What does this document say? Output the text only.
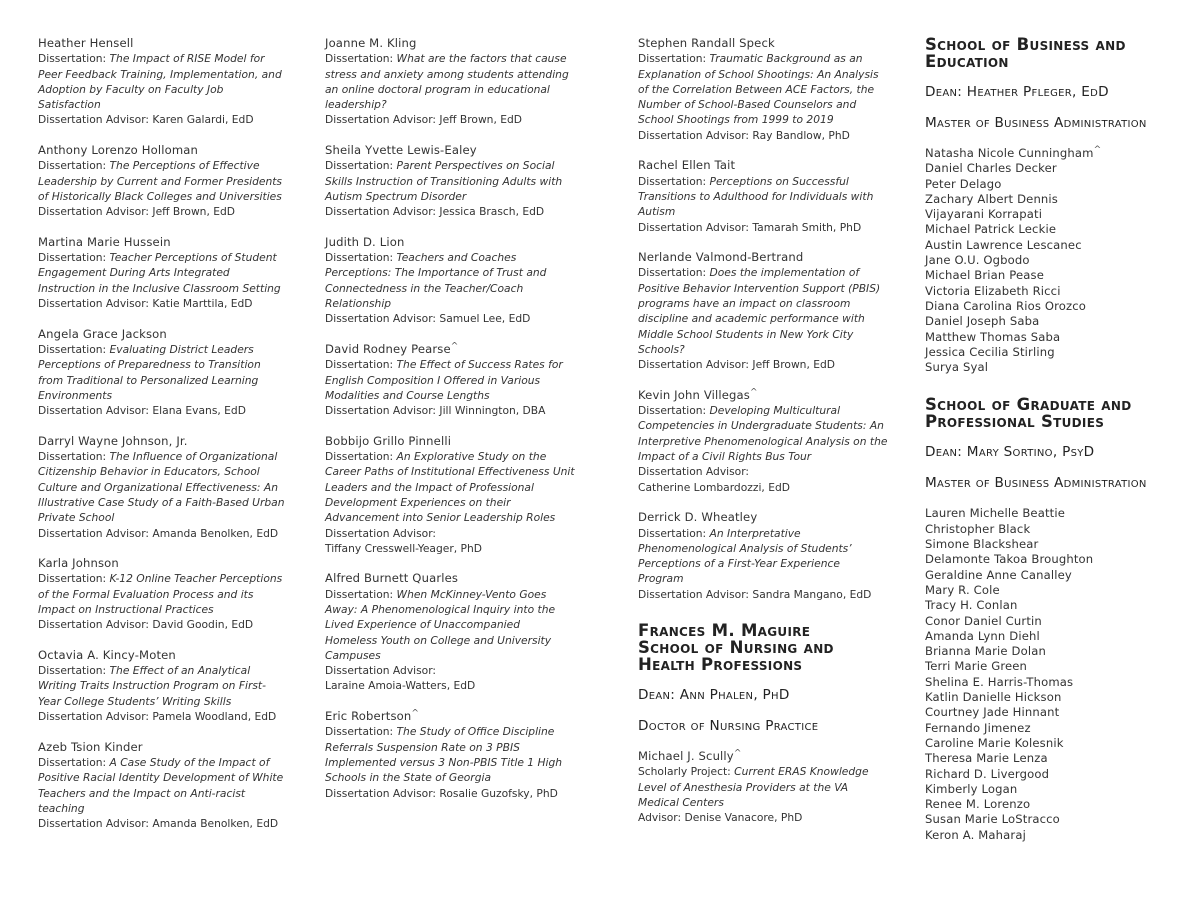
Heather Hensell
Dissertation: The Impact of RISE Model for Peer Feedback Training, Implementation, and Adoption by Faculty on Faculty Job Satisfaction
Dissertation Advisor: Karen Galardi, EdD
Anthony Lorenzo Holloman
Dissertation: The Perceptions of Effective Leadership by Current and Former Presidents of Historically Black Colleges and Universities
Dissertation Advisor: Jeff Brown, EdD
Martina Marie Hussein
Dissertation: Teacher Perceptions of Student Engagement During Arts Integrated Instruction in the Inclusive Classroom Setting
Dissertation Advisor: Katie Marttila, EdD
Angela Grace Jackson
Dissertation: Evaluating District Leaders Perceptions of Preparedness to Transition from Traditional to Personalized Learning Environments
Dissertation Advisor: Elana Evans, EdD
Darryl Wayne Johnson, Jr.
Dissertation: The Influence of Organizational Citizenship Behavior in Educators, School Culture and Organizational Effectiveness: An Illustrative Case Study of a Faith-Based Urban Private School
Dissertation Advisor: Amanda Benolken, EdD
Karla Johnson
Dissertation: K-12 Online Teacher Perceptions of the Formal Evaluation Process and its Impact on Instructional Practices
Dissertation Advisor: David Goodin, EdD
Octavia A. Kincy-Moten
Dissertation: The Effect of an Analytical Writing Traits Instruction Program on First-Year College Students’ Writing Skills
Dissertation Advisor: Pamela Woodland, EdD
Azeb Tsion Kinder
Dissertation: A Case Study of the Impact of Positive Racial Identity Development of White Teachers and the Impact on Anti-racist teaching
Dissertation Advisor: Amanda Benolken, EdD
Joanne M. Kling
Dissertation: What are the factors that cause stress and anxiety among students attending an online doctoral program in educational leadership?
Dissertation Advisor: Jeff Brown, EdD
Sheila Yvette Lewis-Ealey
Dissertation: Parent Perspectives on Social Skills Instruction of Transitioning Adults with Autism Spectrum Disorder
Dissertation Advisor: Jessica Brasch, EdD
Judith D. Lion
Dissertation: Teachers and Coaches Perceptions: The Importance of Trust and Connectedness in the Teacher/Coach Relationship
Dissertation Advisor: Samuel Lee, EdD
David Rodney Pearse^
Dissertation: The Effect of Success Rates for English Composition I Offered in Various Modalities and Course Lengths
Dissertation Advisor: Jill Winnington, DBA
Bobbijo Grillo Pinnelli
Dissertation: An Explorative Study on the Career Paths of Institutional Effectiveness Unit Leaders and the Impact of Professional Development Experiences on their Advancement into Senior Leadership Roles
Dissertation Advisor:
Tiffany Cresswell-Yeager, PhD
Alfred Burnett Quarles
Dissertation: When McKinney-Vento Goes Away: A Phenomenological Inquiry into the Lived Experience of Unaccompanied Homeless Youth on College and University Campuses
Dissertation Advisor:
Laraine Amoia-Watters, EdD
Eric Robertson^
Dissertation: The Study of Office Discipline Referrals Suspension Rate on 3 PBIS Implemented versus 3 Non-PBIS Title 1 High Schools in the State of Georgia
Dissertation Advisor: Rosalie Guzofsky, PhD
Stephen Randall Speck
Dissertation: Traumatic Background as an Explanation of School Shootings: An Analysis of the Correlation Between ACE Factors, the Number of School-Based Counselors and School Shootings from 1999 to 2019
Dissertation Advisor: Ray Bandlow, PhD
Rachel Ellen Tait
Dissertation: Perceptions on Successful Transitions to Adulthood for Individuals with Autism
Dissertation Advisor: Tamarah Smith, PhD
Nerlande Valmond-Bertrand
Dissertation: Does the implementation of Positive Behavior Intervention Support (PBIS) programs have an impact on classroom discipline and academic performance with Middle School Students in New York City Schools?
Dissertation Advisor: Jeff Brown, EdD
Kevin John Villegas^
Dissertation: Developing Multicultural Competencies in Undergraduate Students: An Interpretive Phenomenological Analysis on the Impact of a Civil Rights Bus Tour
Dissertation Advisor:
Catherine Lombardozzi, EdD
Derrick D. Wheatley
Dissertation: An Interpretative Phenomenological Analysis of Students’ Perceptions of a First-Year Experience Program
Dissertation Advisor: Sandra Mangano, EdD
Frances M. Maguire
School of Nursing and
Health Professions

Dean: Ann Phalen, PhD

Doctor of Nursing Practice

Michael J. Scully^
Scholarly Project: Current ERAS Knowledge Level of Anesthesia Providers at the VA Medical Centers
Advisor: Denise Vanacore, PhD
School of Business and
Education

Dean: Heather Pfleger, EdD

Master of Business Administration

Natasha Nicole Cunningham^
Daniel Charles Decker
Peter Delago
Zachary Albert Dennis
Vijayarani Korrapati
Michael Patrick Leckie
Austin Lawrence Lescanec
Jane O.U. Ogbodo
Michael Brian Pease
Victoria Elizabeth Ricci
Diana Carolina Rios Orozco
Daniel Joseph Saba
Matthew Thomas Saba
Jessica Cecilia Stirling
Surya Syal
School of Graduate and
Professional Studies

Dean: Mary Sortino, PsyD

Master of Business Administration

Lauren Michelle Beattie
Christopher Black
Simone Blackshear
Delamonte Takoa Broughton
Geraldine Anne Canalley
Mary R. Cole
Tracy H. Conlan
Conor Daniel Curtin
Amanda Lynn Diehl
Brianna Marie Dolan
Terri Marie Green
Shelina E. Harris-Thomas
Katlin Danielle Hickson
Courtney Jade Hinnant
Fernando Jimenez
Caroline Marie Kolesnik
Theresa Marie Lenza
Richard D. Livergood
Kimberly Logan
Renee M. Lorenzo
Susan Marie LoStracco
Keron A. Maharaj
